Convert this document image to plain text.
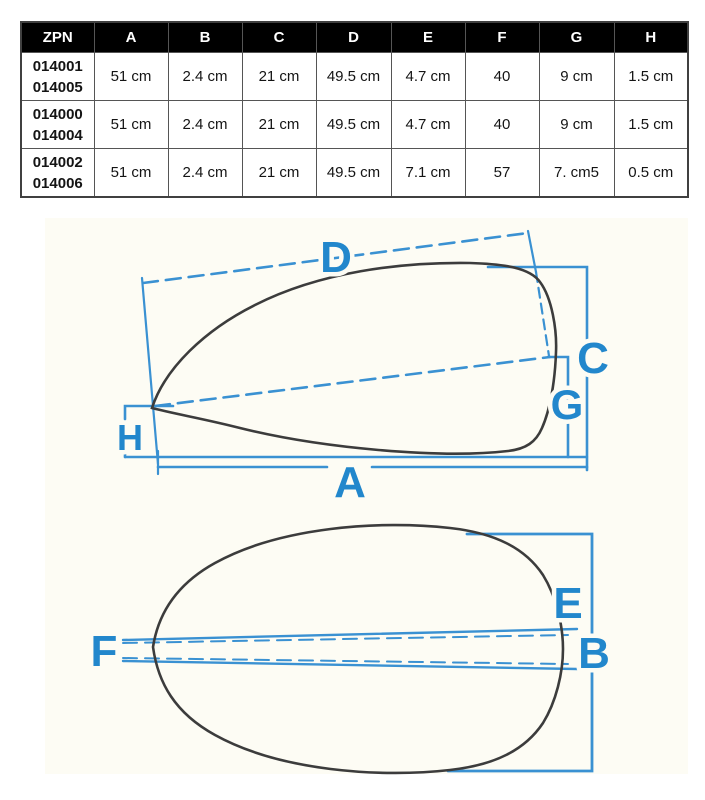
ZPN	A	B	C	D	E	F	G	H

014001
014005	51 cm	2.4 cm	21 cm	49.5 cm	4.7 cm	40	9 cm	1.5 cm

014000
014004	51 cm	2.4 cm	21 cm	49.5 cm	4.7 cm	40	9 cm	1.5 cm

014002
014006	51 cm	2.4 cm	21 cm	49.5 cm	7.1 cm	57	7. cm5	0.5 cm
D
C
G
H
A
E
B
F
